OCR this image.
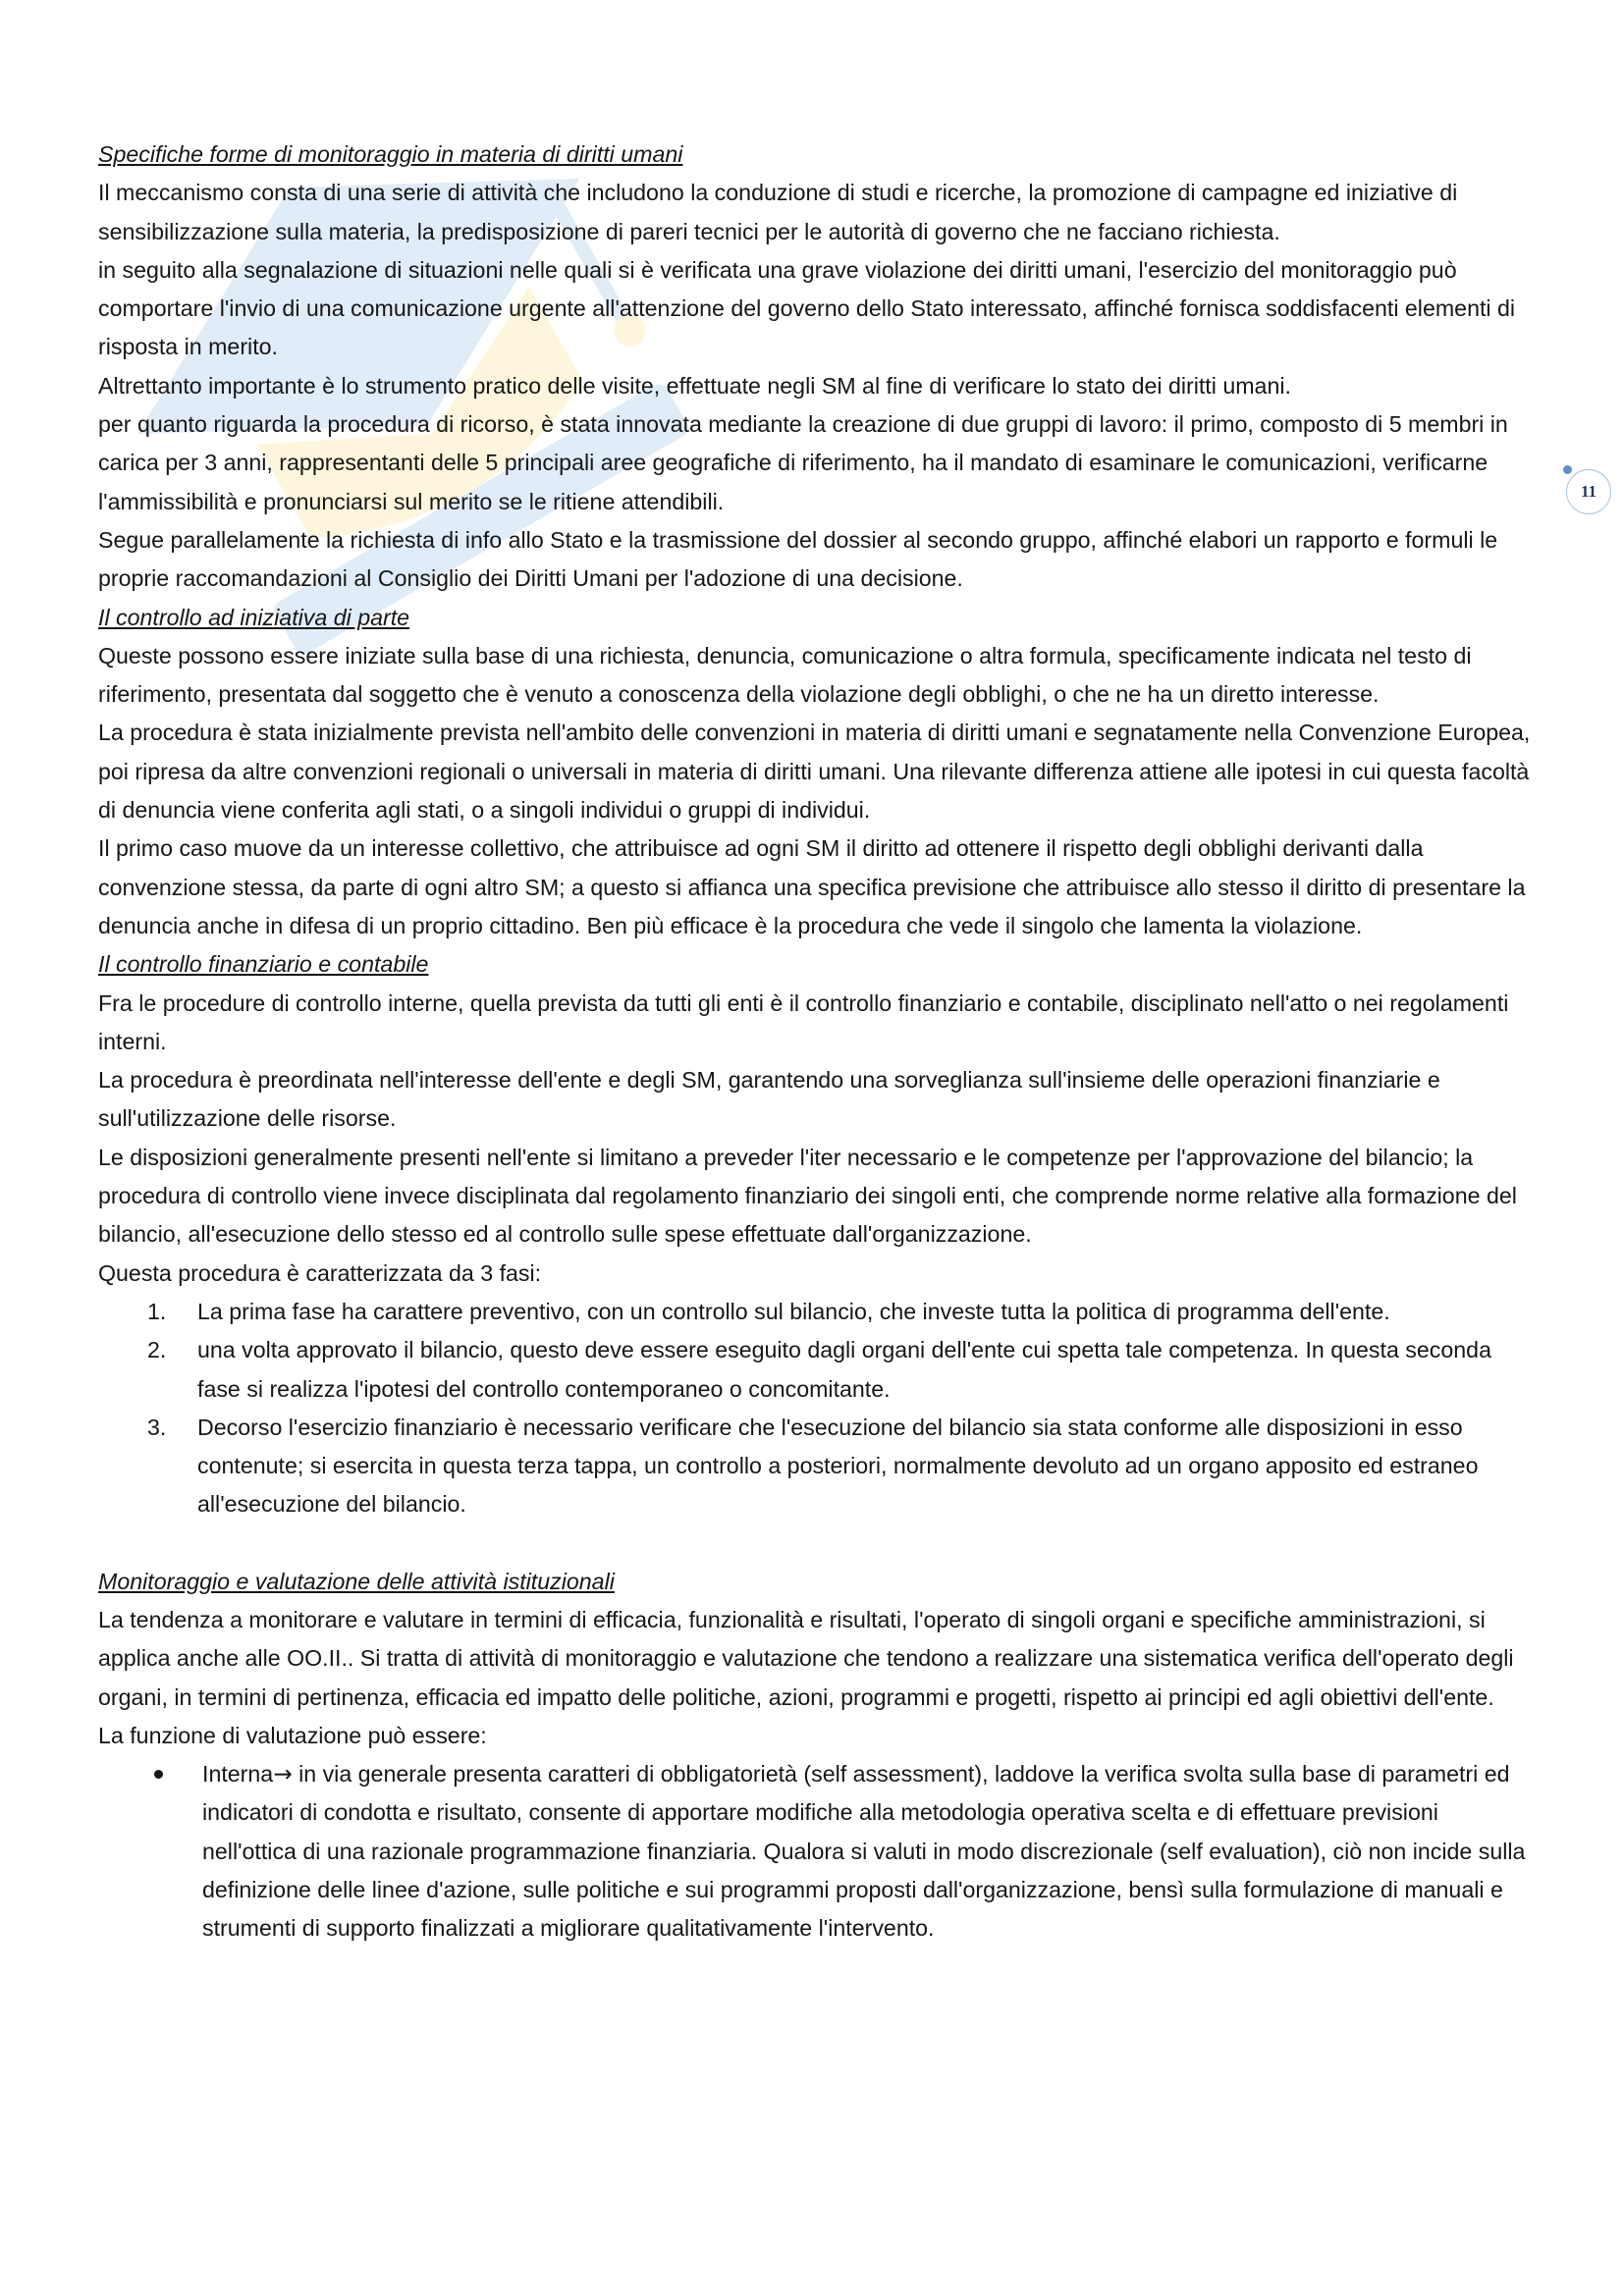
11
Specifiche forme di monitoraggio in materia di diritti umani

Il meccanismo consta di una serie di attività che includono la conduzione di studi e ricerche, la promozione di campagne ed iniziative di sensibilizzazione sulla materia, la predisposizione di pareri tecnici per le autorità di governo che ne facciano richiesta.

in seguito alla segnalazione di situazioni nelle quali si è verificata una grave violazione dei diritti umani, l'esercizio del monitoraggio può comportare l'invio di una comunicazione urgente all'attenzione del governo dello Stato interessato, affinché fornisca soddisfacenti elementi di risposta in merito.

Altrettanto importante è lo strumento pratico delle visite, effettuate negli SM al fine di verificare lo stato dei diritti umani.

per quanto riguarda la procedura di ricorso, è stata innovata mediante la creazione di due gruppi di lavoro: il primo, composto di 5 membri in carica per 3 anni, rappresentanti delle 5 principali aree geografiche di riferimento, ha il mandato di esaminare le comunicazioni, verificarne l'ammissibilità e pronunciarsi sul merito se le ritiene attendibili.

Segue parallelamente la richiesta di info allo Stato e la trasmissione del dossier al secondo gruppo, affinché elabori un rapporto e formuli le proprie raccomandazioni al Consiglio dei Diritti Umani per l'adozione di una decisione.

Il controllo ad iniziativa di parte

Queste possono essere iniziate sulla base di una richiesta, denuncia, comunicazione o altra formula, specificamente indicata nel testo di riferimento, presentata dal soggetto che è venuto a conoscenza della violazione degli obblighi, o che ne ha un diretto interesse.

La procedura è stata inizialmente prevista nell'ambito delle convenzioni in materia di diritti umani e segnatamente nella Convenzione Europea, poi ripresa da altre convenzioni regionali o universali in materia di diritti umani. Una rilevante differenza attiene alle ipotesi in cui questa facoltà di denuncia viene conferita agli stati, o a singoli individui o gruppi di individui.

Il primo caso muove da un interesse collettivo, che attribuisce ad ogni SM il diritto ad ottenere il rispetto degli obblighi derivanti dalla convenzione stessa, da parte di ogni altro SM; a questo si affianca una specifica previsione che attribuisce allo stesso il diritto di presentare la denuncia anche in difesa di un proprio cittadino. Ben più efficace è la procedura che vede il singolo che lamenta la violazione.

Il controllo finanziario e contabile

Fra le procedure di controllo interne, quella prevista da tutti gli enti è il controllo finanziario e contabile, disciplinato nell'atto o nei regolamenti interni.

La procedura è preordinata nell'interesse dell'ente e degli SM, garantendo una sorveglianza sull'insieme delle operazioni finanziarie e sull'utilizzazione delle risorse.

Le disposizioni generalmente presenti nell'ente si limitano a preveder l'iter necessario e le competenze per l'approvazione del bilancio; la procedura di controllo viene invece disciplinata dal regolamento finanziario dei singoli enti, che comprende norme relative alla formazione del bilancio, all'esecuzione dello stesso ed al controllo sulle spese effettuate dall'organizzazione.

Questa procedura è caratterizzata da 3 fasi:

1. La prima fase ha carattere preventivo, con un controllo sul bilancio, che investe tutta la politica di programma dell'ente.
2. una volta approvato il bilancio, questo deve essere eseguito dagli organi dell'ente cui spetta tale competenza. In questa seconda fase si realizza l'ipotesi del controllo contemporaneo o concomitante.
3. Decorso l'esercizio finanziario è necessario verificare che l'esecuzione del bilancio sia stata conforme alle disposizioni in esso contenute; si esercita in questa terza tappa, un controllo a posteriori, normalmente devoluto ad un organo apposito ed estraneo all'esecuzione del bilancio.
Monitoraggio e valutazione delle attività istituzionali

La tendenza a monitorare e valutare in termini di efficacia, funzionalità e risultati, l'operato di singoli organi e specifiche amministrazioni, si applica anche alle OO.II.. Si tratta di attività di monitoraggio e valutazione che tendono a realizzare una sistematica verifica dell'operato degli organi, in termini di pertinenza, efficacia ed impatto delle politiche, azioni, programmi e progetti, rispetto ai principi ed agli obiettivi dell'ente.

La funzione di valutazione può essere:

Interna→ in via generale presenta caratteri di obbligatorietà (self assessment), laddove la verifica svolta sulla base di parametri ed indicatori di condotta e risultato, consente di apportare modifiche alla metodologia operativa scelta e di effettuare previsioni nell'ottica di una razionale programmazione finanziaria. Qualora si valuti in modo discrezionale (self evaluation), ciò non incide sulla definizione delle linee d'azione, sulle politiche e sui programmi proposti dall'organizzazione, bensì sulla formulazione di manuali e strumenti di supporto finalizzati a migliorare qualitativamente l'intervento.
